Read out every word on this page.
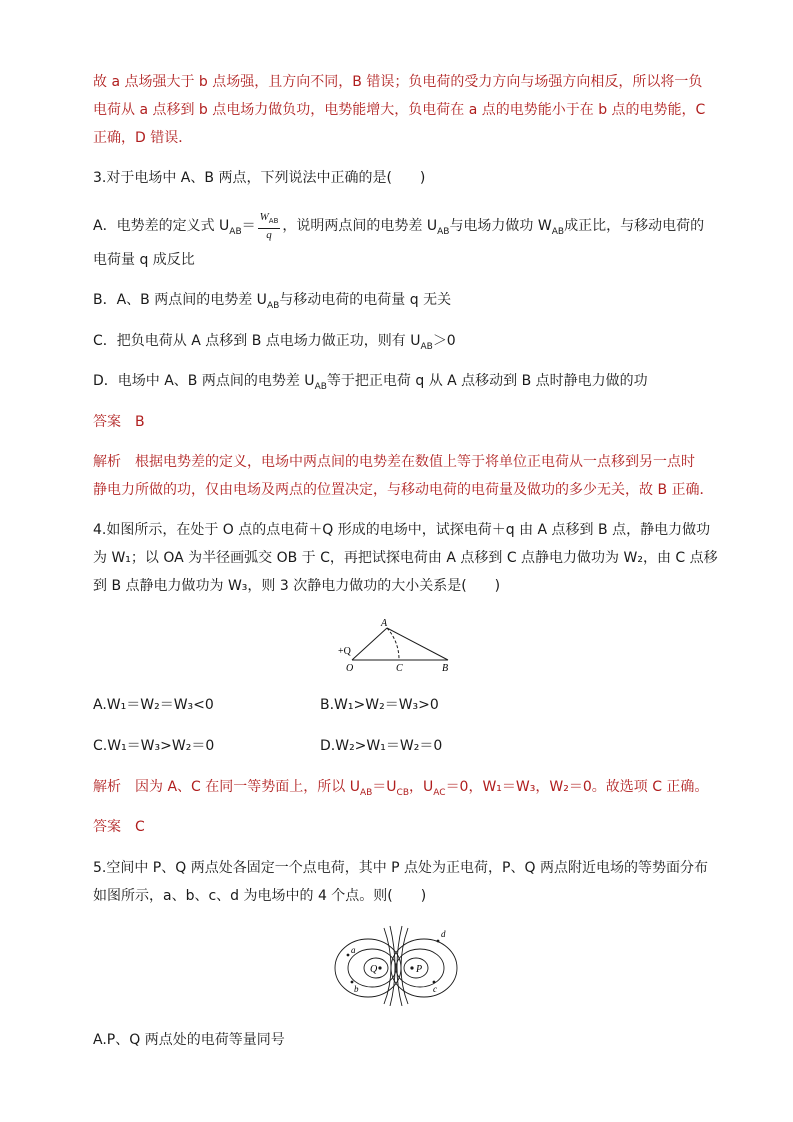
故 a 点场强大于 b 点场强，且方向不同，B 错误；负电荷的受力方向与场强方向相反，所以将一负
电荷从 a 点移到 b 点电场力做负功，电势能增大，负电荷在 a 点的电势能小于在 b 点的电势能，C
正确，D 错误．
3.对于电场中 A、B 两点，下列说法中正确的是(　　)
A．电势差的定义式 $U_{AB}= \frac{W_{AB}}{q}$ ，说明两点间的电势差 $U_{AB}$与电场力做功 $W_{AB}$成正比，与移动电荷的
电荷量 q 成反比
B．A、B 两点间的电势差 $U_{AB}$与移动电荷的电荷量 q 无关
C．把负电荷从 A 点移到 B 点电场力做正功，则有 $U_{AB}>0$
D．电场中 A、B 两点间的电势差 $U_{AB}$等于把正电荷 q 从 A 点移动到 B 点时静电力做的功
答案　B
解析　根据电势差的定义，电场中两点间的电势差在数值上等于将单位正电荷从一点移到另一点时
静电力所做的功，仅由电场及两点的位置决定，与移动电荷的电荷量及做功的多少无关，故 B 正确．
4.如图所示，在处于 O 点的点电荷＋Q 形成的电场中，试探电荷＋q 由 A 点移到 B 点，静电力做功
为 W₁；以 OA 为半径画弧交 OB 于 C，再把试探电荷由 A 点移到 C 点静电力做功为 W₂，由 C 点移
到 B 点静电力做功为 W₃，则 3 次静电力做功的大小关系是(　　)
A
+Q
O	C	B
A.W₁＝W₂＝W₃<0	B.W₁>W₂＝W₃>0
C.W₁＝W₃>W₂＝0	D.W₂>W₁＝W₂＝0
解析　因为 A、C 在同一等势面上，所以 $U_{AB}=U_{CB}$，$U_{AC}=0$，W₁＝W₃，W₂＝0。故选项 C 正确。
答案　C
5.空间中 P、Q 两点处各固定一个点电荷，其中 P 点处为正电荷，P、Q 两点附近电场的等势面分布
如图所示，a、b、c、d 为电场中的 4 个点。则(　　)
Q	P
a
b	c
d
A.P、Q 两点处的电荷等量同号
